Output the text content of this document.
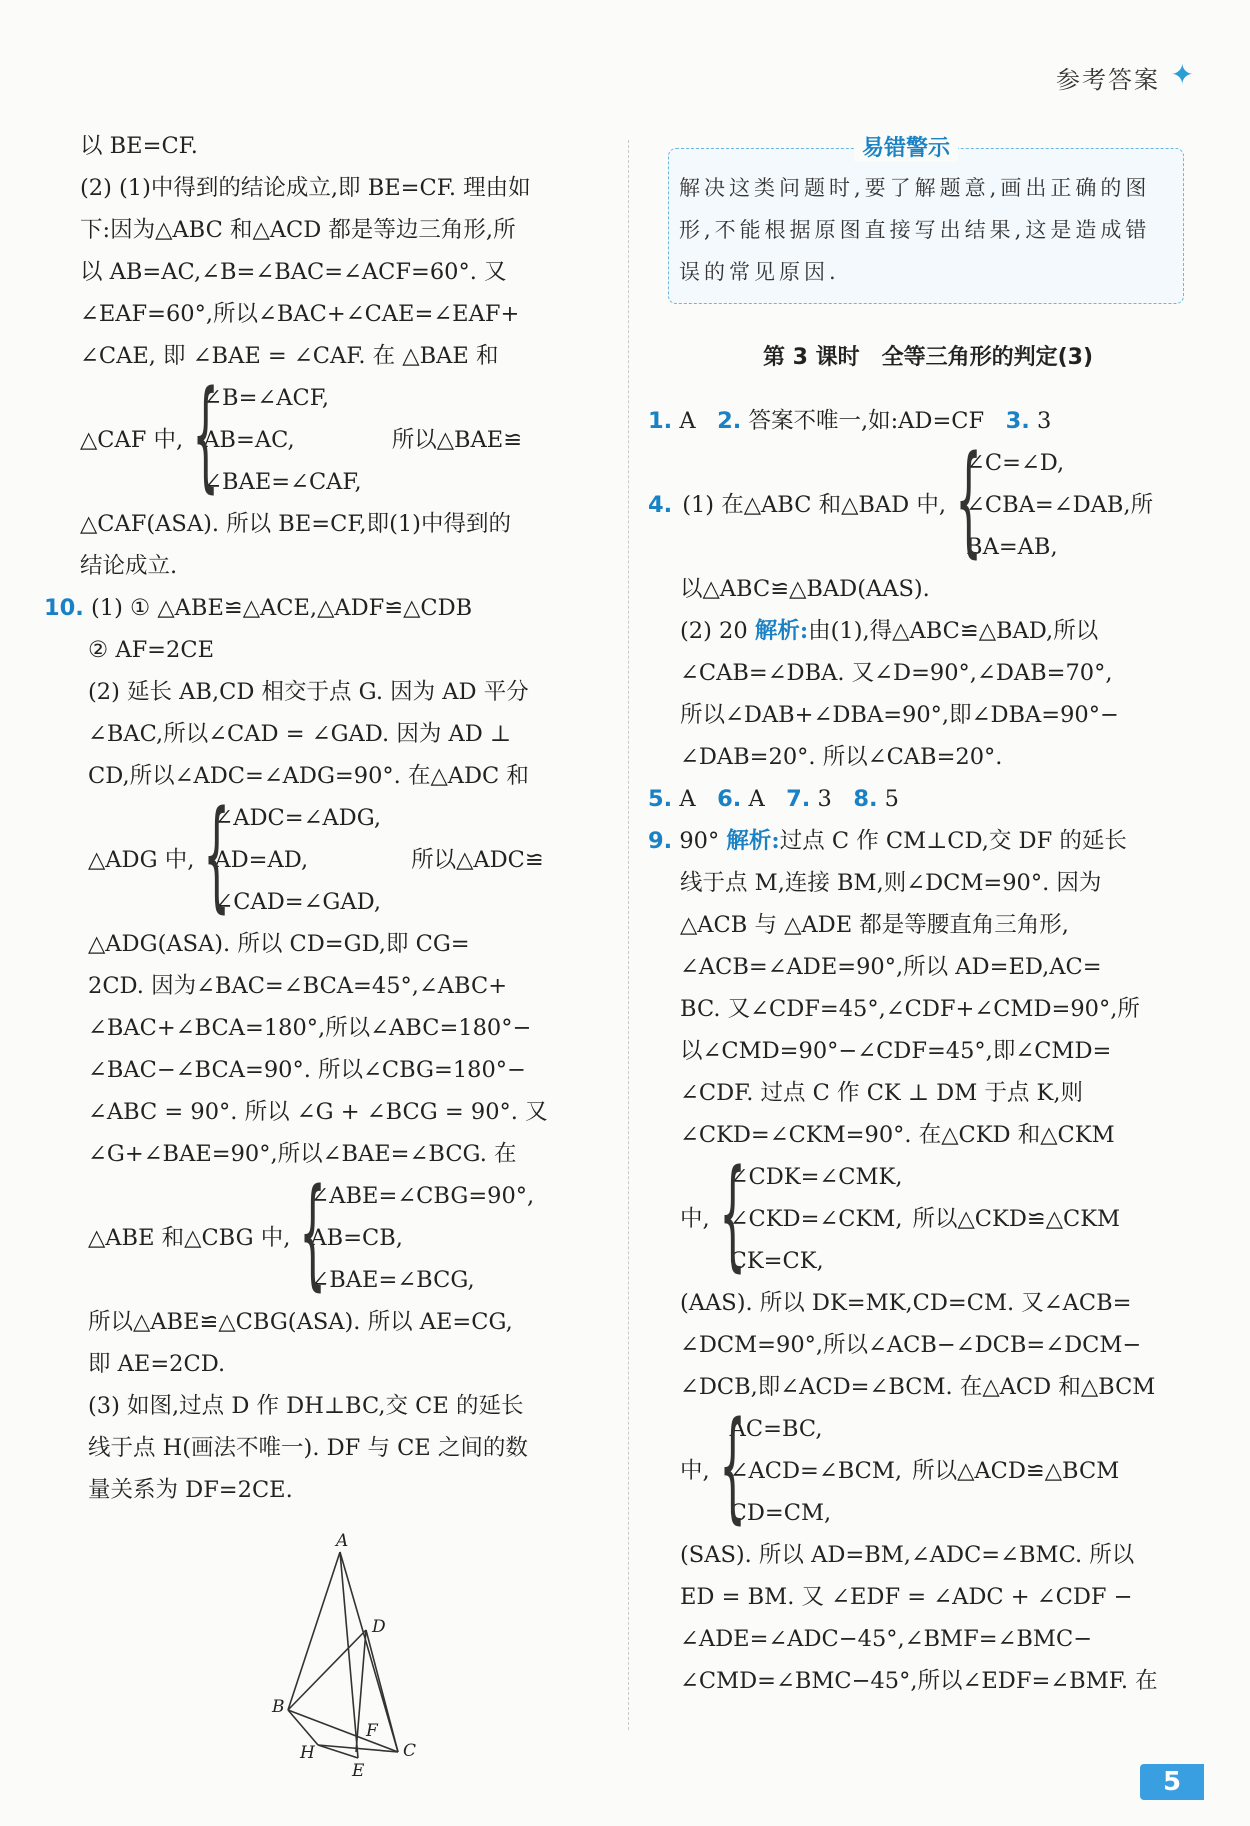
参考答案 ✦
以 BE=CF.
(2) (1)中得到的结论成立,即 BE=CF. 理由如
下:因为△ABC 和△ACD 都是等边三角形,所
以 AB=AC,∠B=∠BAC=∠ACF=60°. 又
∠EAF=60°,所以∠BAC+∠CAE=∠EAF+
∠CAE, 即 ∠BAE = ∠CAF. 在 △BAE 和
△CAF 中, {
∠B=∠ACF,
AB=AC,
∠BAE=∠CAF,
所以△BAE≌
△CAF(ASA). 所以 BE=CF,即(1)中得到的
结论成立.
10. (1) ① △ABE≌△ACE,△ADF≌△CDB
② AF=2CE
(2) 延长 AB,CD 相交于点 G. 因为 AD 平分
∠BAC,所以∠CAD = ∠GAD. 因为 AD ⊥
CD,所以∠ADC=∠ADG=90°. 在△ADC 和
△ADG 中, {
∠ADC=∠ADG,
AD=AD,
∠CAD=∠GAD,
所以△ADC≌
△ADG(ASA). 所以 CD=GD,即 CG=
2CD. 因为∠BAC=∠BCA=45°,∠ABC+
∠BAC+∠BCA=180°,所以∠ABC=180°−
∠BAC−∠BCA=90°. 所以∠CBG=180°−
∠ABC = 90°. 所以 ∠G + ∠BCG = 90°. 又
∠G+∠BAE=90°,所以∠BAE=∠BCG. 在
△ABE 和△CBG 中, {
∠ABE=∠CBG=90°,
AB=CB,
∠BAE=∠BCG,
所以△ABE≌△CBG(ASA). 所以 AE=CG,
即 AE=2CD.
(3) 如图,过点 D 作 DH⊥BC,交 CE 的延长
线于点 H(画法不唯一). DF 与 CE 之间的数
量关系为 DF=2CE.
A
B
C
D
E
F
H
易错警示
解决这类问题时,要了解题意,画出正确的图
形,不能根据原图直接写出结果,这是造成错
误的常见原因.
第 3 课时　全等三角形的判定(3)
1. A 2. 答案不唯一,如:AD=CF 3. 3
4. (1) 在△ABC 和△BAD 中, {
∠C=∠D,
∠CBA=∠DAB,
BA=AB,
所
以△ABC≌△BAD(AAS).
(2) 20 解析:由(1),得△ABC≌△BAD,所以
∠CAB=∠DBA. 又∠D=90°,∠DAB=70°,
所以∠DAB+∠DBA=90°,即∠DBA=90°−
∠DAB=20°. 所以∠CAB=20°.
5. A 6. A 7. 3 8. 5
9. 90° 解析:过点 C 作 CM⊥CD,交 DF 的延长
线于点 M,连接 BM,则∠DCM=90°. 因为
△ACB 与 △ADE 都是等腰直角三角形,
∠ACB=∠ADE=90°,所以 AD=ED,AC=
BC. 又∠CDF=45°,∠CDF+∠CMD=90°,所
以∠CMD=90°−∠CDF=45°,即∠CMD=
∠CDF. 过点 C 作 CK ⊥ DM 于点 K,则
∠CKD=∠CKM=90°. 在△CKD 和△CKM
中, {
∠CDK=∠CMK,
∠CKD=∠CKM,
CK=CK,
所以△CKD≌△CKM
(AAS). 所以 DK=MK,CD=CM. 又∠ACB=
∠DCM=90°,所以∠ACB−∠DCB=∠DCM−
∠DCB,即∠ACD=∠BCM. 在△ACD 和△BCM
中, {
AC=BC,
∠ACD=∠BCM,
CD=CM,
所以△ACD≌△BCM
(SAS). 所以 AD=BM,∠ADC=∠BMC. 所以
ED = BM. 又 ∠EDF = ∠ADC + ∠CDF −
∠ADE=∠ADC−45°,∠BMF=∠BMC−
∠CMD=∠BMC−45°,所以∠EDF=∠BMF. 在
5
